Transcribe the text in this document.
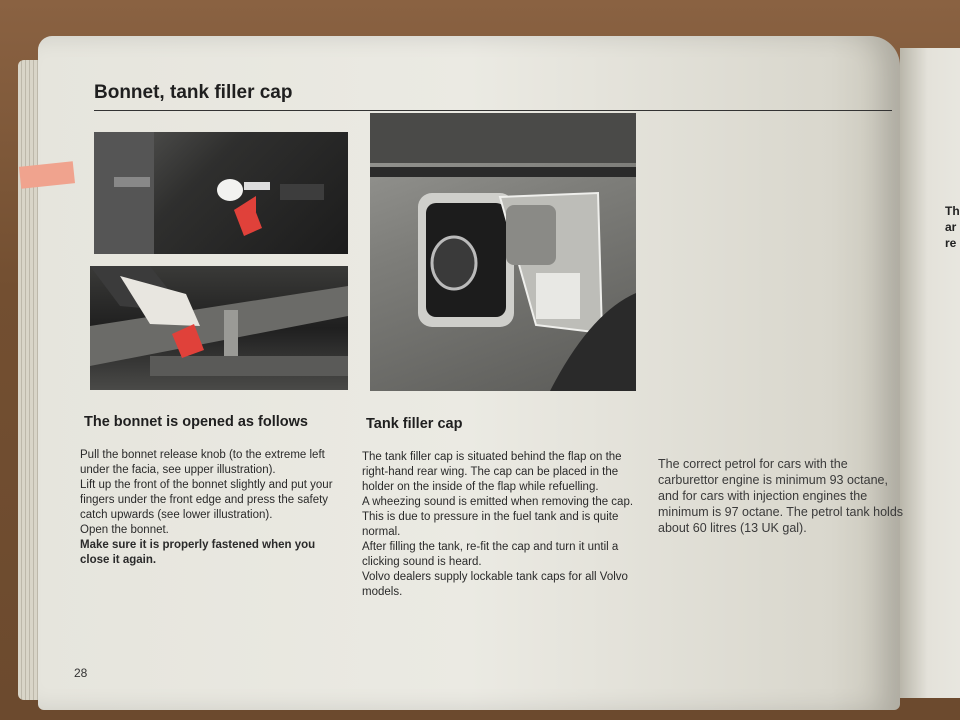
Th
ar
re
Bonnet, tank filler cap
The bonnet is opened as follows

Pull the bonnet release knob (to the extreme left under the facia, see upper illustration).

Lift up the front of the bonnet slightly and put your fingers under the front edge and press the safety catch upwards (see lower illustration).

Open the bonnet.

Make sure it is properly fastened when you close it again.

Tank filler cap

The tank filler cap is situated behind the flap on the right-hand rear wing. The cap can be placed in the holder on the inside of the flap while refuelling.

A wheezing sound is emitted when removing the cap. This is due to pressure in the fuel tank and is quite normal.

After filling the tank, re-fit the cap and turn it until a clicking sound is heard.

Volvo dealers supply lockable tank caps for all Volvo models.

The correct petrol for cars with the carburettor engine is minimum 93 octane, and for cars with injection engines the minimum is 97 octane. The petrol tank holds about 60 litres (13 UK gal).

28
